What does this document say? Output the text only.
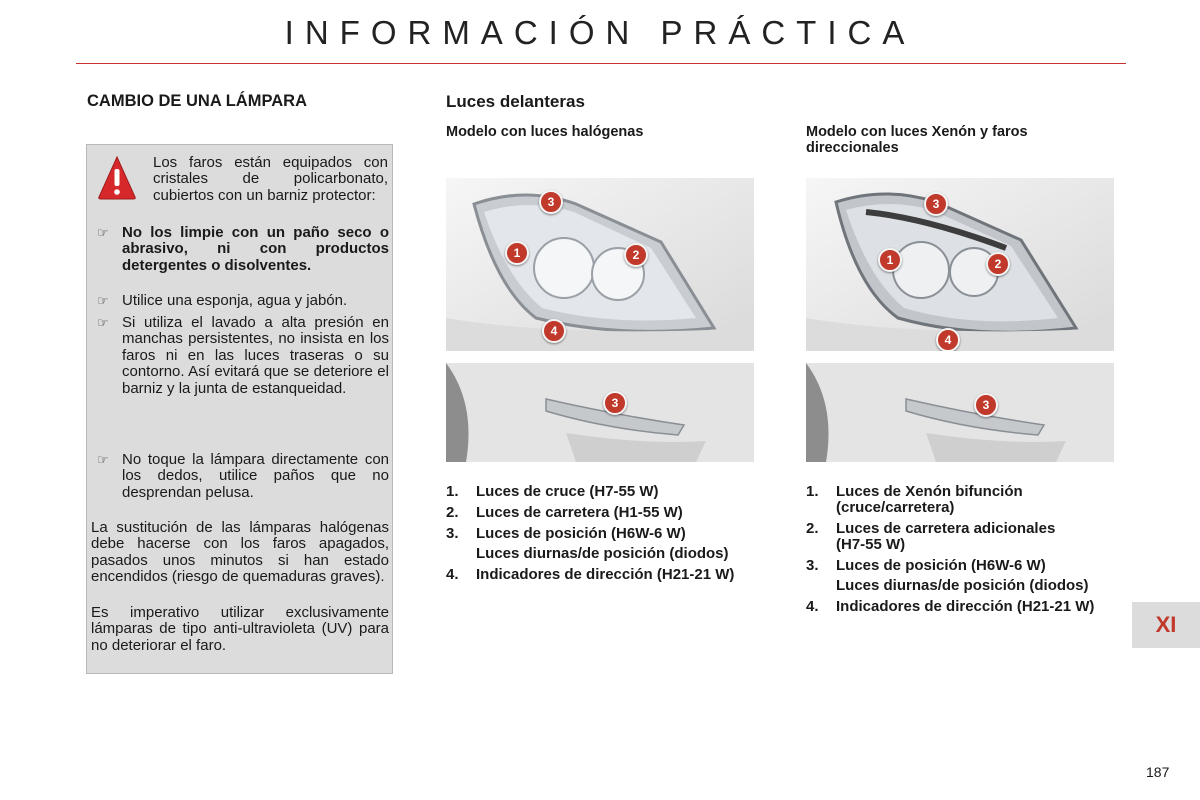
INFORMACIÓN PRÁCTICA
CAMBIO DE UNA LÁMPARA
Los faros están equipados con cristales de policarbonato, cubiertos con un barniz protector:
☞ No los limpie con un paño seco o abrasivo, ni con productos detergentes o disolventes.
☞ Utilice una esponja, agua y jabón.
☞ Si utiliza el lavado a alta presión en manchas persistentes, no insista en los faros ni en las luces traseras o su contorno. Así evitará que se deteriore el barniz y la junta de estanqueidad.
☞ No toque la lámpara directamente con los dedos, utilice paños que no desprendan pelusa.
La sustitución de las lámparas halógenas debe hacerse con los faros apagados, pasados unos minutos si han estado encendidos (riesgo de quemaduras graves).
Es imperativo utilizar exclusivamente lámparas de tipo anti-ultravioleta (UV) para no deteriorar el faro.
Luces delanteras
Modelo con luces halógenas	Modelo con luces Xenón y faros direccionales
3
1	2
4
3
3
1	2
4
3
1. Luces de cruce (H7-55 W)
2. Luces de carretera (H1-55 W)
3. Luces de posición (H6W-6 W)
Luces diurnas/de posición (diodos)
4. Indicadores de dirección (H21-21 W)
1. Luces de Xenón bifunción (cruce/carretera)
2. Luces de carretera adicionales (H7-55 W)
3. Luces de posición (H6W-6 W)
Luces diurnas/de posición (diodos)
4. Indicadores de dirección (H21-21 W)
XI
187
